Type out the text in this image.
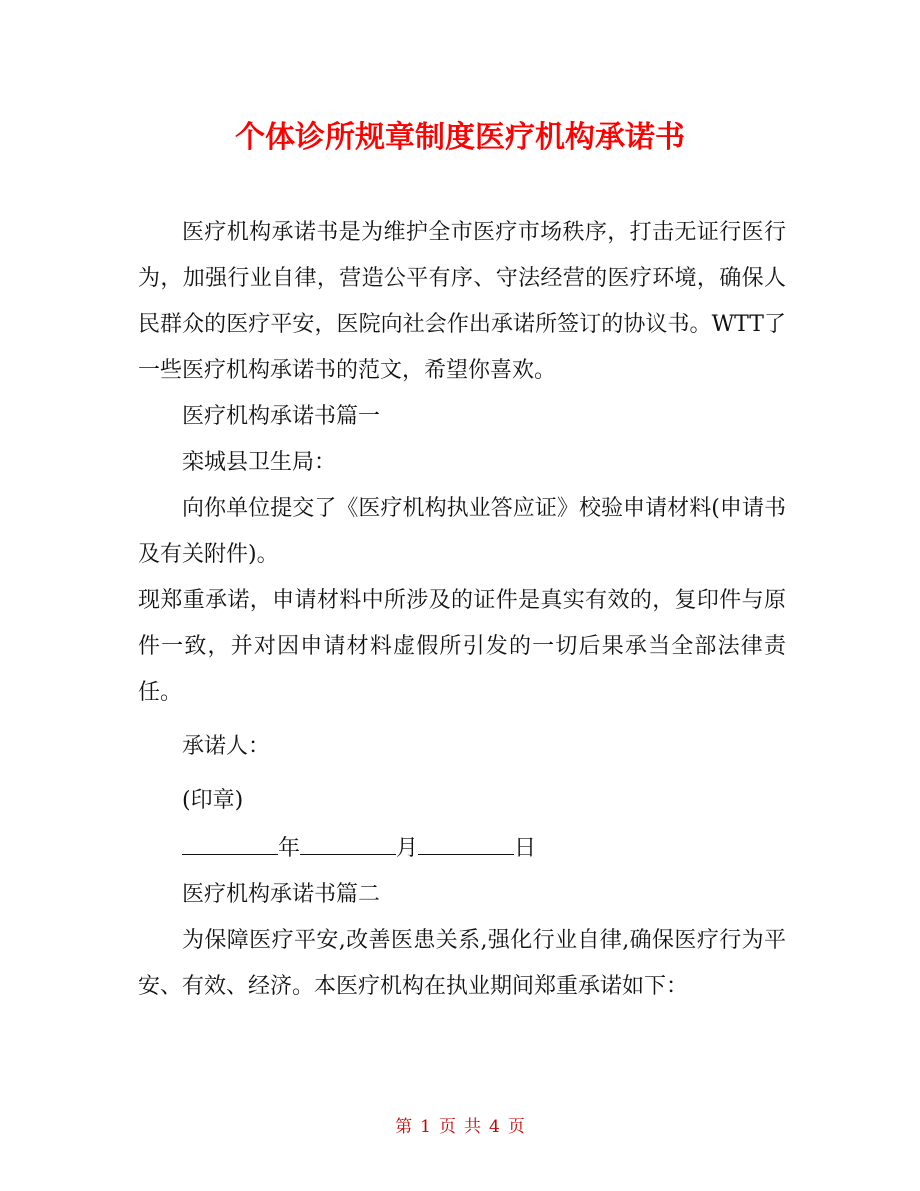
个体诊所规章制度医疗机构承诺书

医疗机构承诺书是为维护全市医疗市场秩序，打击无证行医行为，加强行业自律，营造公平有序、守法经营的医疗环境，确保人民群众的医疗平安，医院向社会作出承诺所签订的协议书。WTT了一些医疗机构承诺书的范文，希望你喜欢。

医疗机构承诺书篇一

栾城县卫生局：

向你单位提交了《医疗机构执业答应证》校验申请材料(申请书及有关附件)。

现郑重承诺，申请材料中所涉及的证件是真实有效的，复印件与原件一致，并对因申请材料虚假所引发的一切后果承当全部法律责任。

承诺人：

(印章)

年	月	日

医疗机构承诺书篇二

为保障医疗平安,改善医患关系,强化行业自律,确保医疗行为平安、有效、经济。本医疗机构在执业期间郑重承诺如下：

第 1 页 共 4 页
